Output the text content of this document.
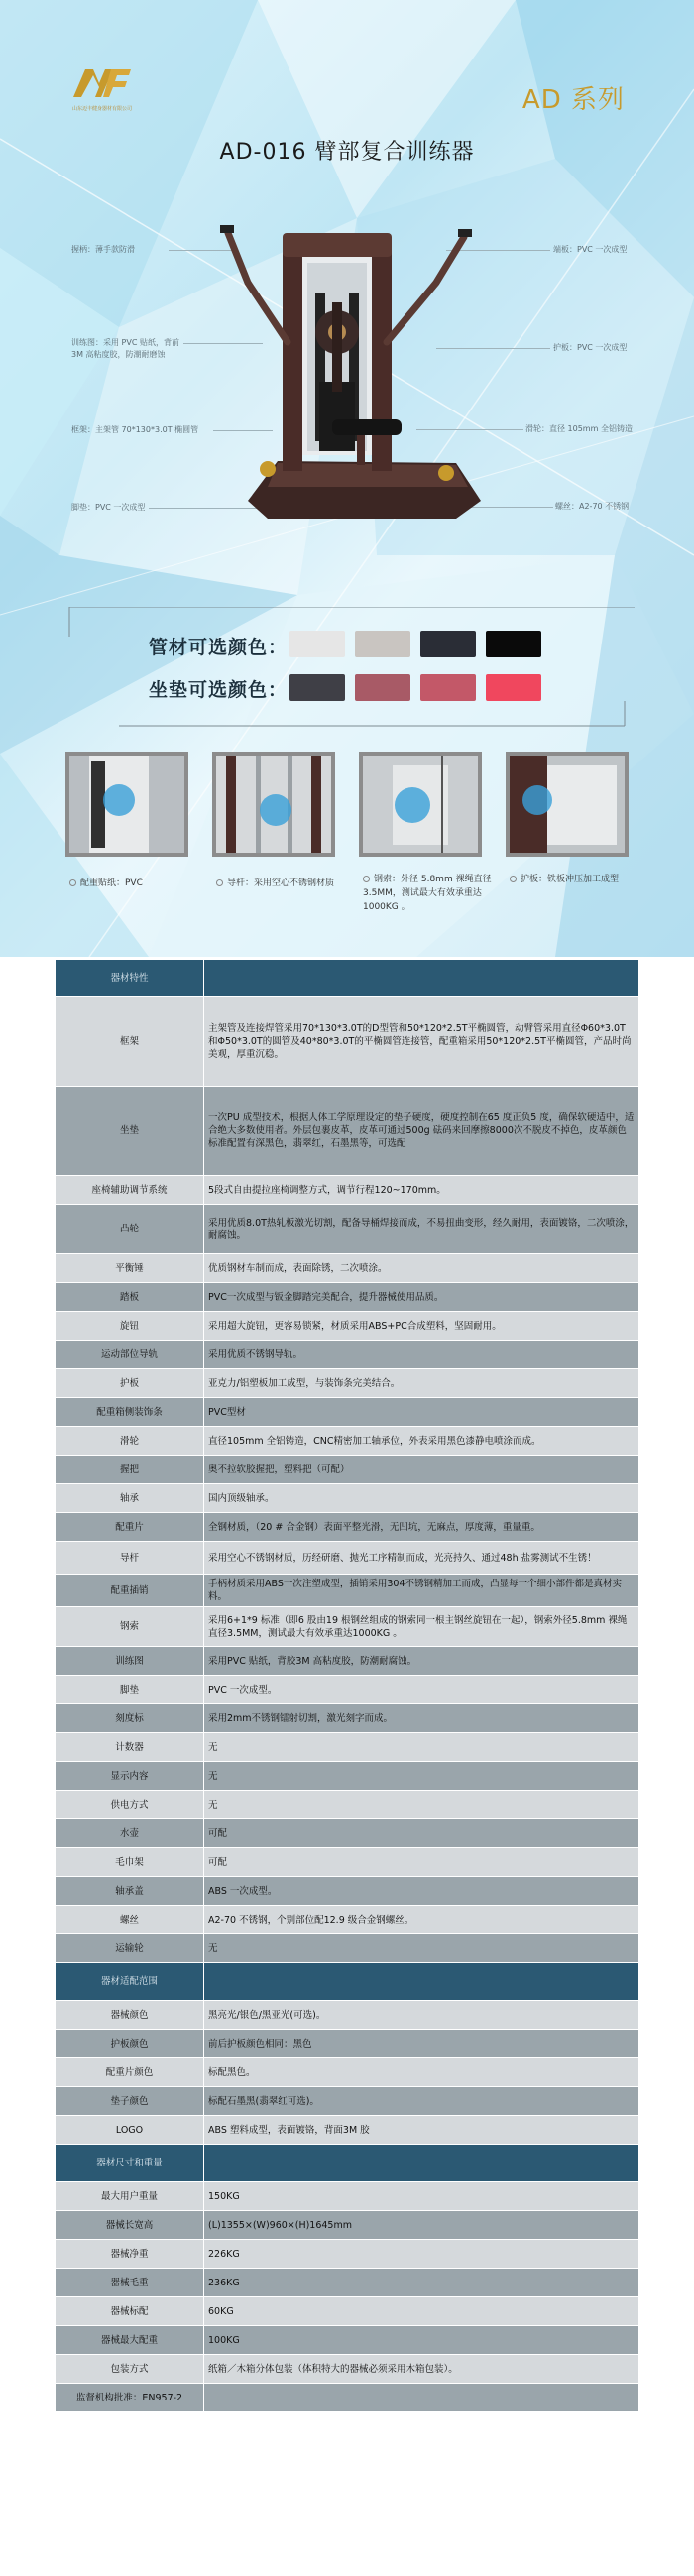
山东迈丰健身器材有限公司	AD 系列
AD-016 臂部复合训练器
握柄：薄手款防滑
训练图：采用 PVC 贴纸，背前 3M 高粘度胶，防潮耐磨蚀
框架：主架管 70*130*3.0T 椭圆管
脚垫：PVC 一次成型
端板：PVC 一次成型
护板：PVC 一次成型
滑轮：直径 105mm 全铝铸造
螺丝：A2-70 不锈钢
管材可选颜色：
坐垫可选颜色：
配重贴纸：PVC	导杆：采用空心不锈钢材质	钢索：外径 5.8mm 裸绳直径 3.5MM，测试最大有效承重达 1000KG 。
护板：铁板冲压加工成型
器材特性	
框架	主架管及连接焊管采用70*130*3.0T的D型管和50*120*2.5T平椭圆管，动臂管采用直径Φ60*3.0T和Φ50*3.0T的圆管及40*80*3.0T的平椭圆管连接管，配重箱采用50*120*2.5T平椭圆管，产品时尚美观，厚重沉稳。
坐垫	一次PU 成型技术，根据人体工学原理设定的垫子硬度，硬度控制在65 度正负5 度，确保软硬适中，适合绝大多数使用者。外层包裹皮革，皮革可通过500g 砝码来回摩擦8000次不脱皮不掉色，皮革颜色标准配置有深黑色，翡翠红，石墨黑等，可选配
座椅辅助调节系统	5段式自由提拉座椅调整方式，调节行程120~170mm。
凸轮	采用优质8.0T热轧板激光切割，配备导桶焊接而成，不易扭曲变形，经久耐用，表面镀铬，二次喷涂，耐腐蚀。
平衡锤	优质钢材车制而成，表面除锈，二次喷涂。
踏板	PVC一次成型与钣金脚踏完美配合，提升器械使用品质。
旋钮	采用超大旋钮，更容易锁紧，材质采用ABS+PC合成塑料，坚固耐用。
运动部位导轨	采用优质不锈钢导轨。
护板	亚克力/铝塑板加工成型，与装饰条完美结合。
配重箱侧装饰条	PVC型材
滑轮	直径105mm 全铝铸造，CNC精密加工轴承位，外表采用黑色漆静电喷涂而成。
握把	奥不拉软胶握把，塑料把（可配）
轴承	国内顶级轴承。
配重片	全钢材质，（20 # 合金钢）表面平整光滑，无凹坑，无麻点，厚度薄，重量重。
导杆	采用空心不锈钢材质，历经研磨、抛光工序精制而成，光亮持久、通过48h 盐雾测试不生锈！
配重插销	手柄材质采用ABS一次注塑成型，插销采用304不锈钢精加工而成，凸显每一个细小部件都是真材实料。
钢索	采用6+1*9 标准（即6 股由19 根钢丝组成的钢索同一根主钢丝旋钮在一起），钢索外径5.8mm 裸绳直径3.5MM，测试最大有效承重达1000KG 。
训练图	采用PVC 贴纸，背胶3M 高粘度胶，防潮耐腐蚀。
脚垫	PVC 一次成型。
刻度标	采用2mm不锈钢镭射切割，激光刻字而成。
计数器	无
显示内容	无
供电方式	无
水壶	可配
毛巾架	可配
轴承盖	ABS 一次成型。
螺丝	A2-70 不锈钢，个别部位配12.9 级合金钢螺丝。
运输轮	无
器材适配范围	
器械颜色	黑亮光/银色/黑亚光(可选)。
护板颜色	前后护板颜色相同：黑色
配重片颜色	标配黑色。
垫子颜色	标配石墨黑(翡翠红可选)。
LOGO	ABS 塑料成型，表面镀铬，背面3M 胶
器材尺寸和重量	
最大用户重量	150KG
器械长宽高	(L)1355×(W)960×(H)1645mm
器械净重	226KG
器械毛重	236KG
器械标配	60KG
器械最大配重	100KG
包装方式	纸箱／木箱分体包装（体积特大的器械必须采用木箱包装）。
监督机构批准：EN957-2	
